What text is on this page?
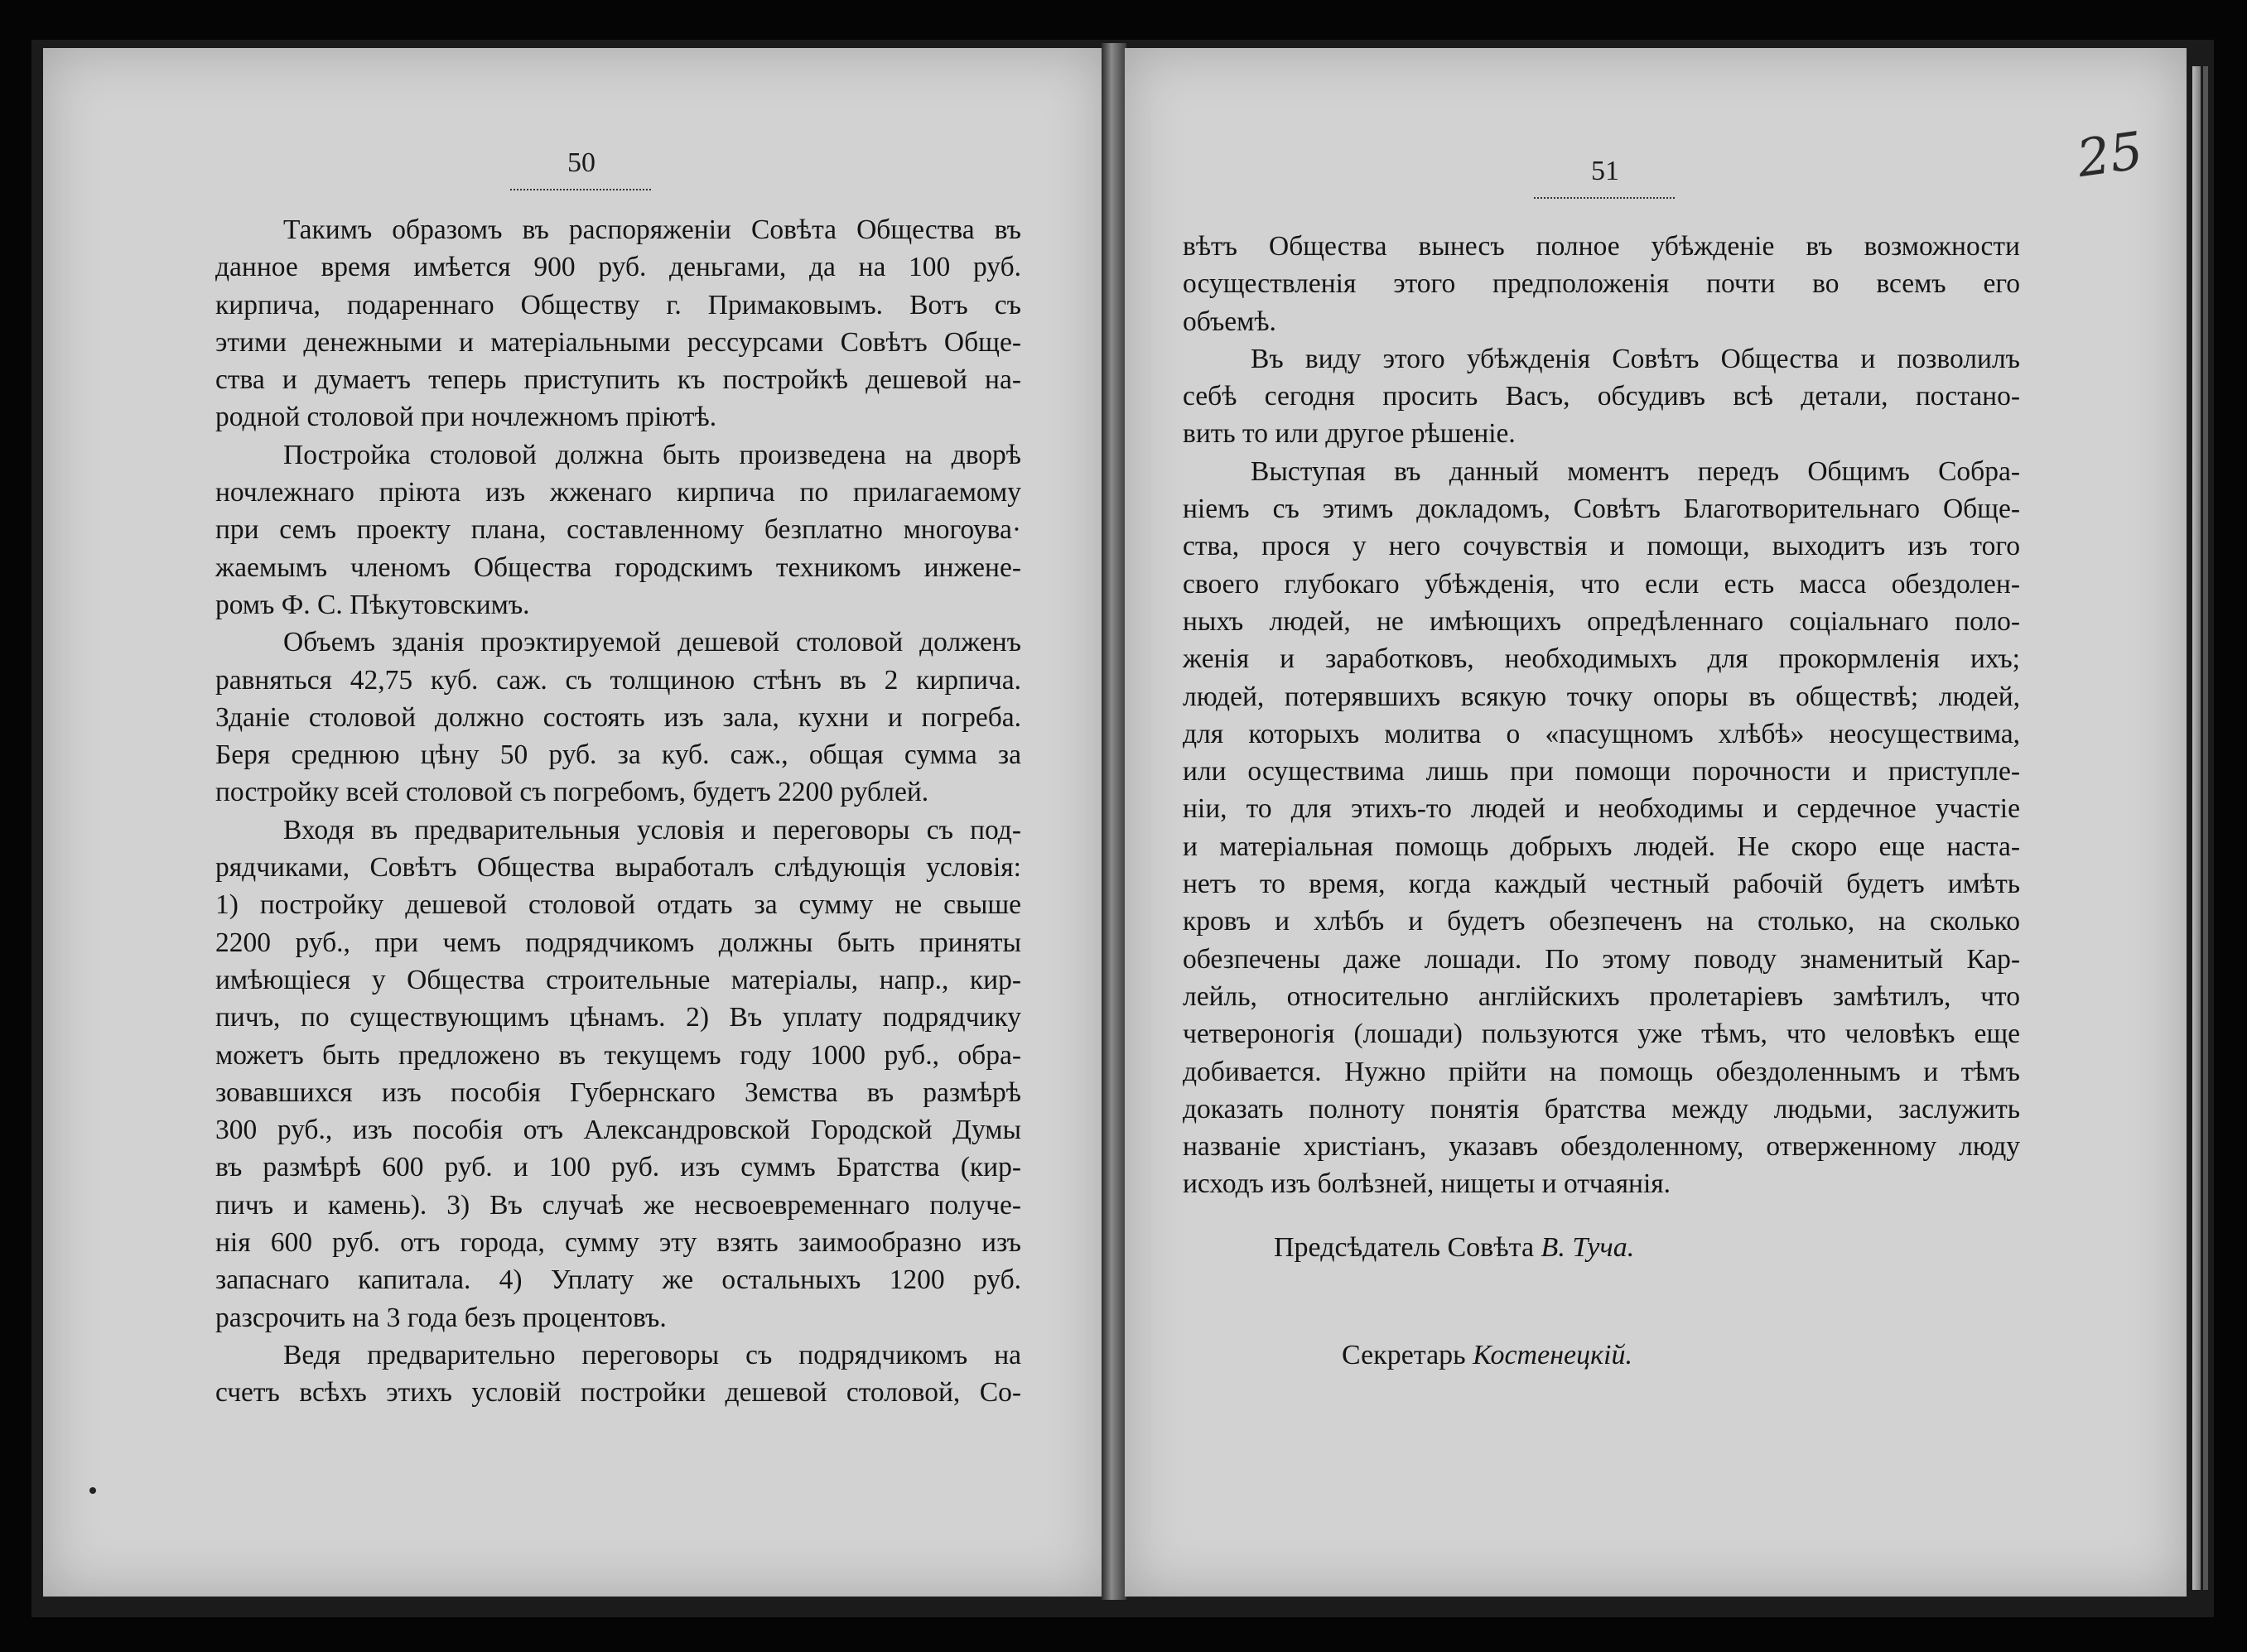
50
Такимъ образомъ въ распоряженіи Совѣта Общества въ
данное время имѣется 900 руб. деньгами, да на 100 руб.
кирпича, подареннаго Обществу г. Примаковымъ. Вотъ съ
этими денежными и матеріальными рессурсами Совѣтъ Обще-
ства и думаетъ теперь приступить къ постройкѣ дешевой на-
родной столовой при ночлежномъ пріютѣ.
Постройка столовой должна быть произведена на дворѣ
ночлежнаго пріюта изъ жженаго кирпича по прилагаемому
при семъ проекту плана, составленному безплатно многоува·
жаемымъ членомъ Общества городскимъ техникомъ инжене-
ромъ Ф. С. Пѣкутовскимъ.
Объемъ зданія проэктируемой дешевой столовой долженъ
равняться 42,75 куб. саж. съ толщиною стѣнъ въ 2 кирпича.
Зданіе столовой должно состоять изъ зала, кухни и погреба.
Беря среднюю цѣну 50 руб. за куб. саж., общая сумма за
постройку всей столовой съ погребомъ, будетъ 2200 рублей.
Входя въ предварительныя условія и переговоры съ под-
рядчиками, Совѣтъ Общества выработалъ слѣдующія условія:
1) постройку дешевой столовой отдать за сумму не свыше
2200 руб., при чемъ подрядчикомъ должны быть приняты
имѣющіеся у Общества строительные матеріалы, напр., кир-
пичъ, по существующимъ цѣнамъ. 2) Въ уплату подрядчику
можетъ быть предложено въ текущемъ году 1000 руб., обра-
зовавшихся изъ пособія Губернскаго Земства въ размѣрѣ
300 руб., изъ пособія отъ Александровской Городской Думы
въ размѣрѣ 600 руб. и 100 руб. изъ суммъ Братства (кир-
пичъ и камень). 3) Въ случаѣ же несвоевременнаго получе-
нія 600 руб. отъ города, сумму эту взять заимообразно изъ
запаснаго капитала. 4) Уплату же остальныхъ 1200 руб.
разсрочить на 3 года безъ процентовъ.
Ведя предварительно переговоры съ подрядчикомъ на
счетъ всѣхъ этихъ условій постройки дешевой столовой, Со-
51	25
вѣтъ Общества вынесъ полное убѣжденіе въ возможности
осуществленія этого предположенія почти во всемъ его
объемѣ.
Въ виду этого убѣжденія Совѣтъ Общества и позволилъ
себѣ сегодня просить Васъ, обсудивъ всѣ детали, постано-
вить то или другое рѣшеніе.
Выступая въ данный моментъ передъ Общимъ Собра-
ніемъ съ этимъ докладомъ, Совѣтъ Благотворительнаго Обще-
ства, прося у него сочувствія и помощи, выходитъ изъ того
своего глубокаго убѣжденія, что если есть масса обездолен-
ныхъ людей, не имѣющихъ опредѣленнаго соціальнаго поло-
женія и заработковъ, необходимыхъ для прокормленія ихъ;
людей, потерявшихъ всякую точку опоры въ обществѣ; людей,
для которыхъ молитва о «пасущномъ хлѣбѣ» неосуществима,
или осуществима лишь при помощи порочности и приступле-
ніи, то для этихъ-то людей и необходимы и сердечное участіе
и матеріальная помощь добрыхъ людей. Не скоро еще наста-
нетъ то время, когда каждый честный рабочій будетъ имѣть
кровъ и хлѣбъ и будетъ обезпеченъ на столько, на сколько
обезпечены даже лошади. По этому поводу знаменитый Кар-
лейль, относительно англійскихъ пролетаріевъ замѣтилъ, что
четвероногія (лошади) пользуются уже тѣмъ, что человѣкъ еще
добивается. Нужно прійти на помощь обездоленнымъ и тѣмъ
доказать полноту понятія братства между людьми, заслужить
названіе христіанъ, указавъ обездоленному, отверженному люду
исходъ изъ болѣзней, нищеты и отчаянія.
Предсѣдатель Совѣта В. Туча.
Секретарь Костенецкій.
